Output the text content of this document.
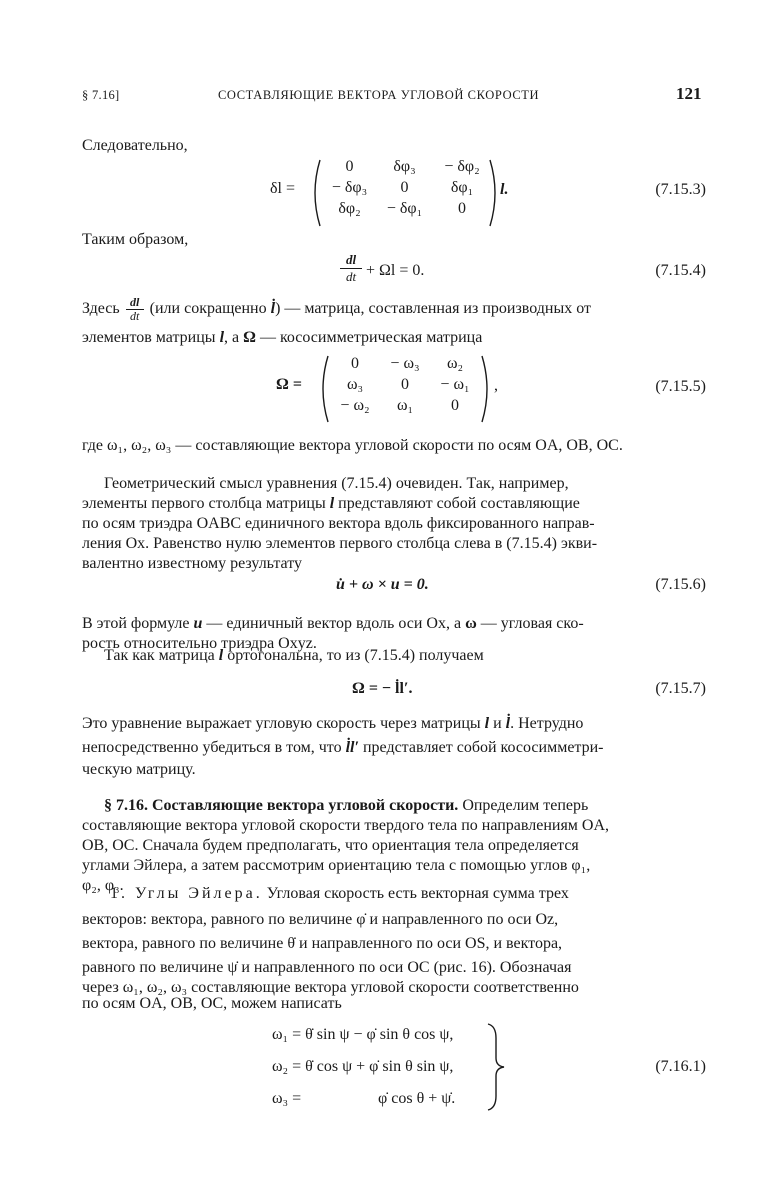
§ 7.16]	СОСТАВЛЯЮЩИЕ ВЕКТОРА УГЛОВОЙ СКОРОСТИ	121
Следовательно,
δl =
0	δφ₃	− δφ₂
− δφ₃	0	δφ₁
δφ₂	− δφ₁	0
l.	(7.15.3)
Таким образом,
dl
dt + Ωl = 0.	(7.15.4)
Здесь $\frac{dl}{dt} (или$ сокращенно l̇) — матрица, составленная из производных от
элементов матрицы l, а Ω — кососимметрическая матрица
Ω =
0	− ω₃	ω₂
ω₃	0	− ω₁
− ω₂	ω₁	0
,	(7.15.5)
где ω₁, ω₂, ω₃ — составляющие вектора угловой скорости по осям OA, OB, OC.
Геометрический смысл уравнения (7.15.4) очевиден. Так, например,
элементы первого столбца матрицы l представляют собой составляющие
по осям триэдра OABC единичного вектора вдоль фиксированного направ-
ления Ox. Равенство нулю элементов первого столбца слева в (7.15.4) экви-
валентно известному результату
u̇ + ω × u = 0.	(7.15.6)
В этой формуле u — единичный вектор вдоль оси Ox, а ω — угловая ско-
рость относительно триэдра Oxyz.
Так как матрица l ортогональна, то из (7.15.4) получаем
Ω = − l̇l′.	(7.15.7)
Это уравнение выражает угловую скорость через матрицы l и l̇. Нетрудно
непосредственно убедиться в том, что l̇l′ представляет собой кососимметри-
ческую матрицу.
§ 7.16. Составляющие вектора угловой скорости. Определим теперь
составляющие вектора угловой скорости твердого тела по направлениям OA,
OB, OC. Сначала будем предполагать, что ориентация тела определяется
углами Эйлера, а затем рассмотрим ориентацию тела с помощью углов φ₁,
φ₂, φ₃.
1. Углы Эйлера. Угловая скорость есть векторная сумма трех
векторов: вектора, равного по величине φ̇ и направленного по оси Oz,
вектора, равного по величине θ̇ и направленного по оси OS, и вектора,
равного по величине ψ̇ и направленного по оси OC (рис. 16). Обозначая
через ω₁, ω₂, ω₃ составляющие вектора угловой скорости соответственно
по осям OA, OB, OC, можем написать
ω₁ = θ̇ sin ψ − φ̇ sin θ cos ψ,
ω₂ = θ̇ cos ψ + φ̇ sin θ sin ψ,
ω₃ =	φ̇ cos θ + ψ̇.
(7.16.1)
